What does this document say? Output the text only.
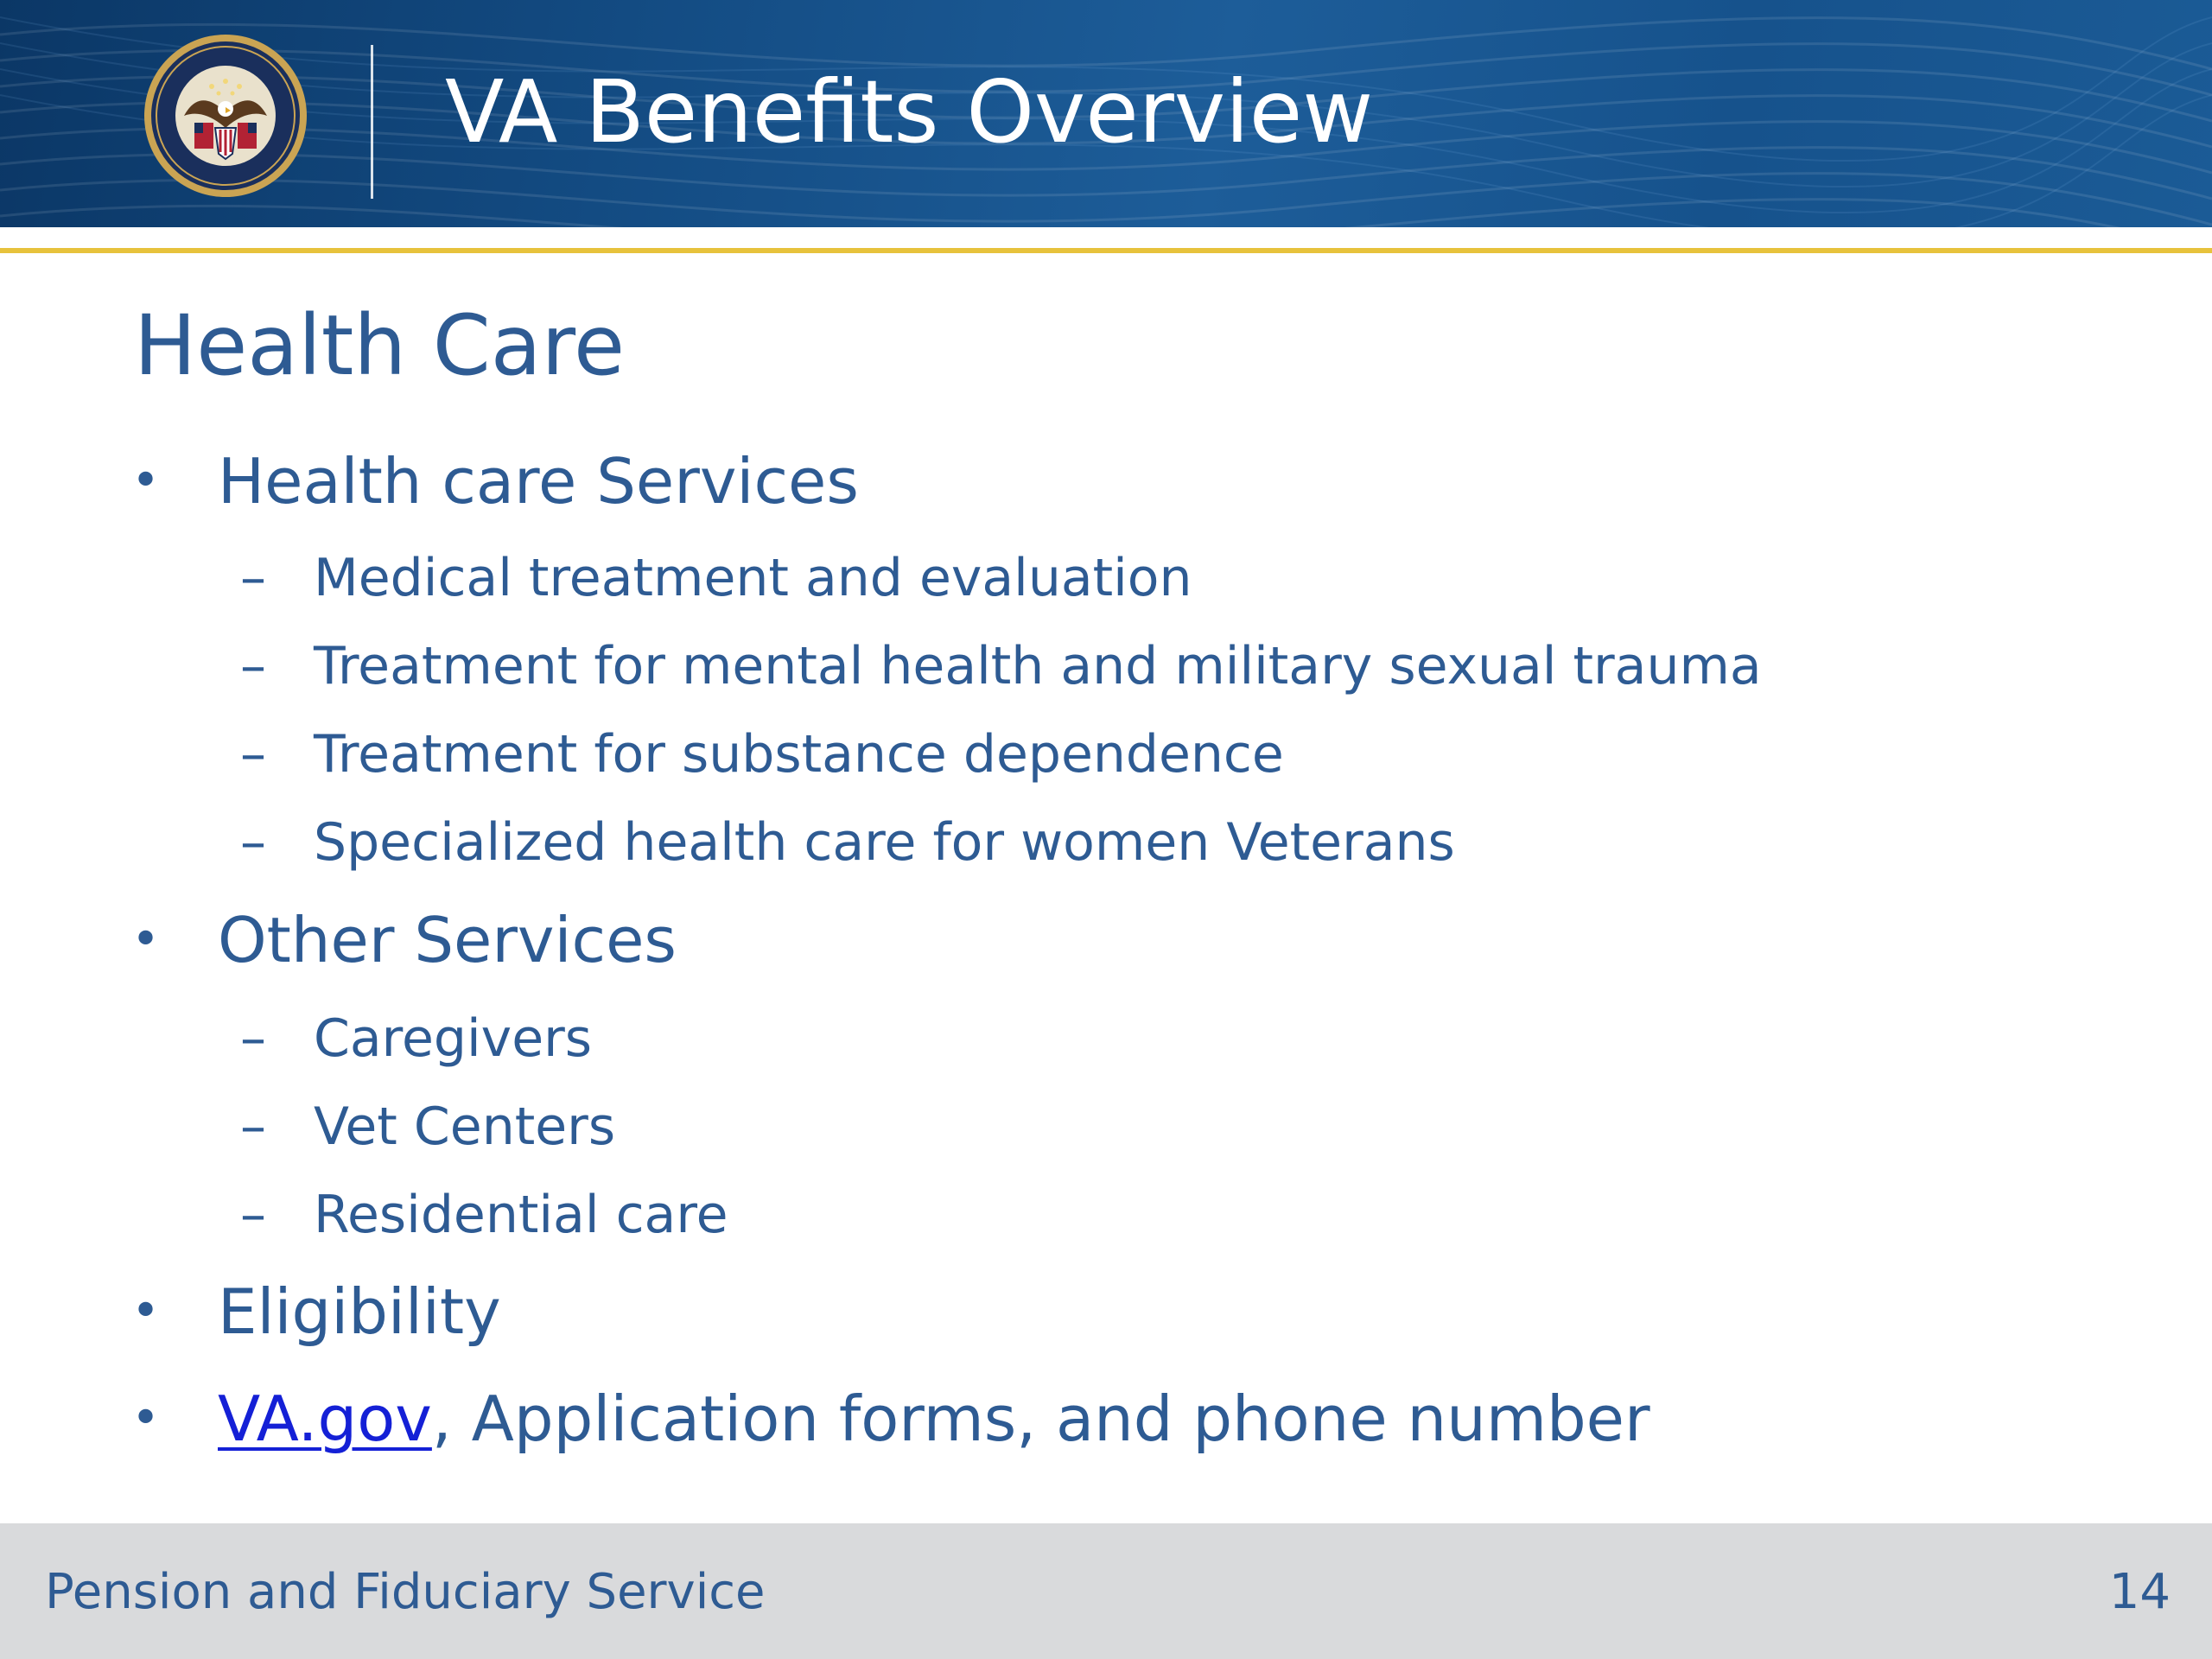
VA Benefits Overview
Health Care
• Health care Services
– Medical treatment and evaluation
– Treatment for mental health and military sexual trauma
– Treatment for substance dependence
– Specialized health care for women Veterans
• Other Services
– Caregivers
– Vet Centers
– Residential care
• Eligibility
• VA.gov, Application forms, and phone number
Pension and Fiduciary Service	14
